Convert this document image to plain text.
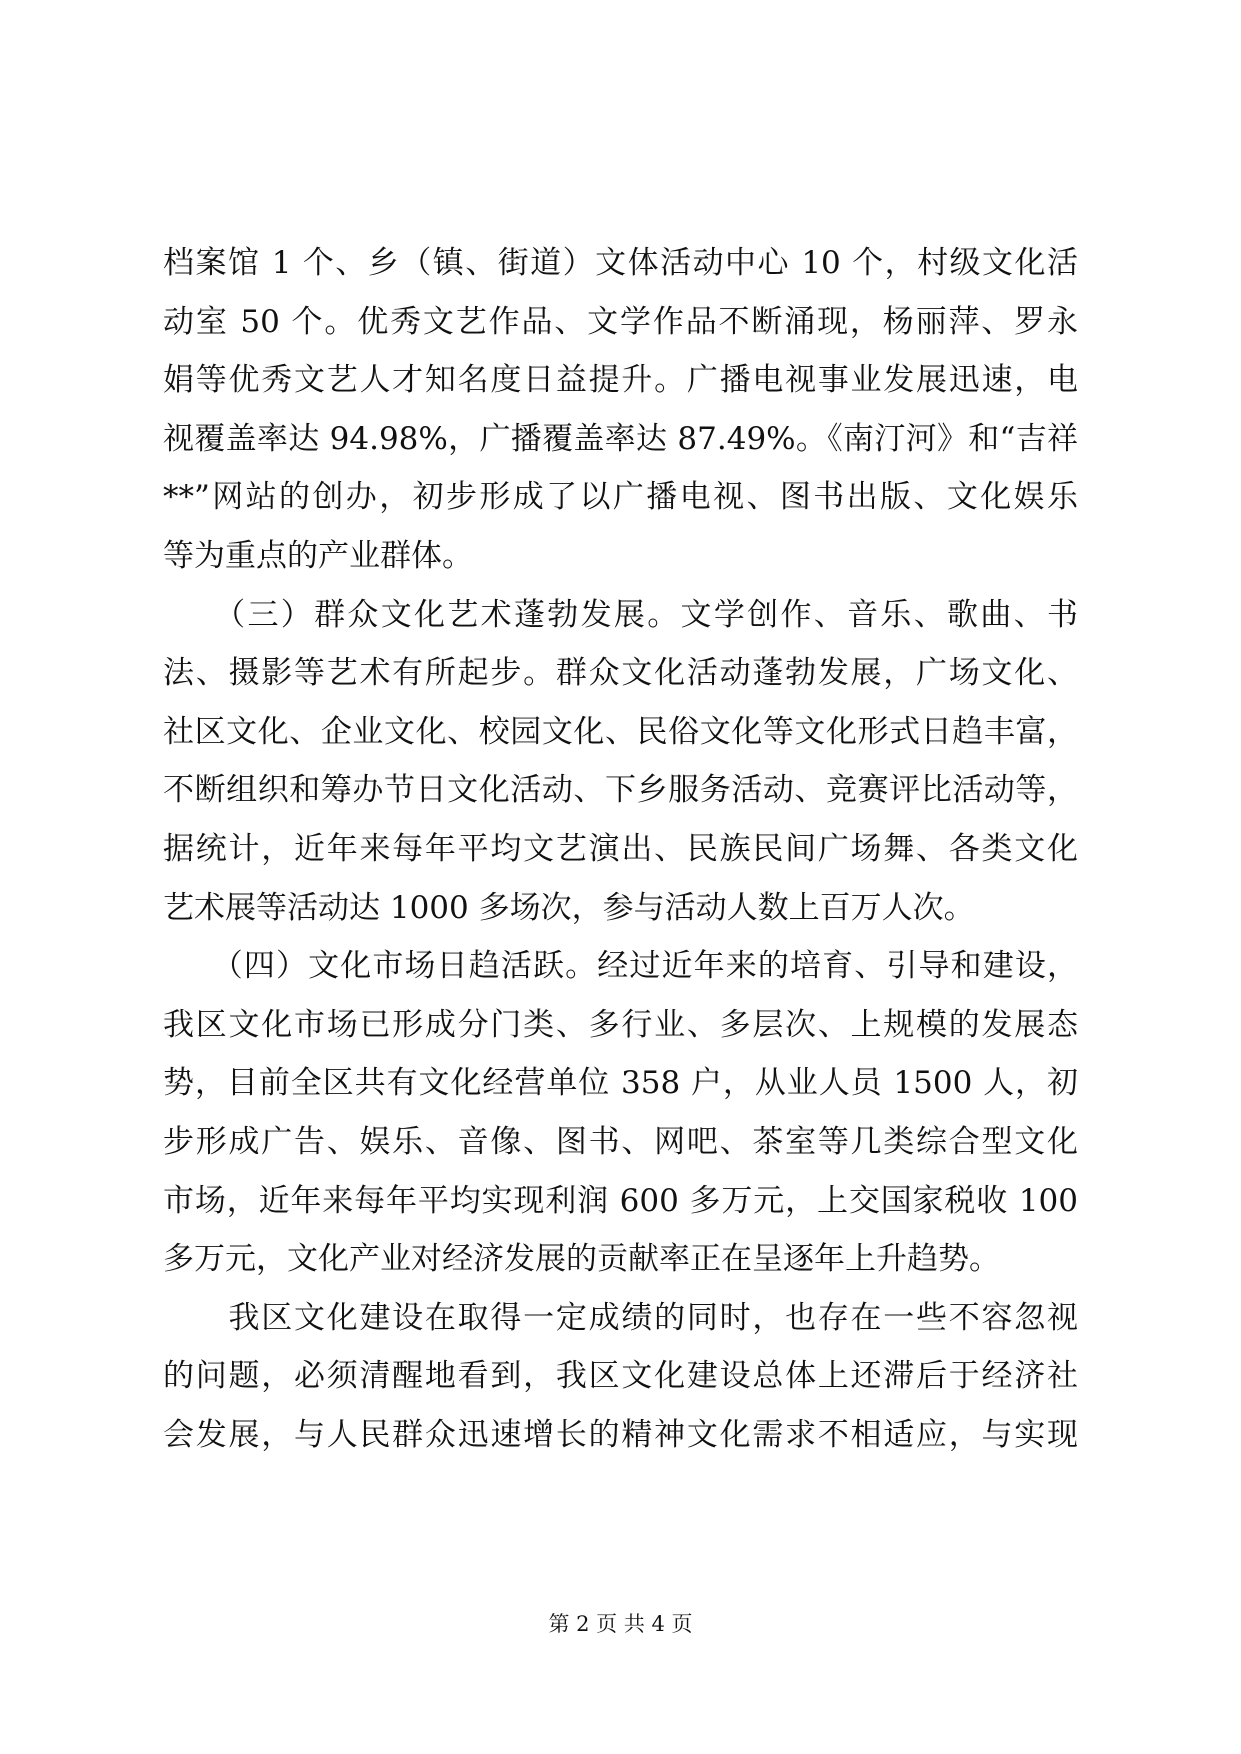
档案馆 1 个、乡（镇、街道）文体活动中心 10 个，村级文化活
动室 50 个。优秀文艺作品、文学作品不断涌现，杨丽萍、罗永
娟等优秀文艺人才知名度日益提升。广播电视事业发展迅速，电
视覆盖率达 94.98%，广播覆盖率达 87.49%。《南汀河》和“吉祥
**”网站的创办，初步形成了以广播电视、图书出版、文化娱乐
等为重点的产业群体。
　　（三）群众文化艺术蓬勃发展。文学创作、音乐、歌曲、书
法、摄影等艺术有所起步。群众文化活动蓬勃发展，广场文化、
社区文化、企业文化、校园文化、民俗文化等文化形式日趋丰富，
不断组织和筹办节日文化活动、下乡服务活动、竞赛评比活动等，
据统计，近年来每年平均文艺演出、民族民间广场舞、各类文化
艺术展等活动达 1000 多场次，参与活动人数上百万人次。
　　（四）文化市场日趋活跃。经过近年来的培育、引导和建设，
我区文化市场已形成分门类、多行业、多层次、上规模的发展态
势，目前全区共有文化经营单位 358 户，从业人员 1500 人，初
步形成广告、娱乐、音像、图书、网吧、茶室等几类综合型文化
市场，近年来每年平均实现利润 600 多万元，上交国家税收 100
多万元，文化产业对经济发展的贡献率正在呈逐年上升趋势。
　　我区文化建设在取得一定成绩的同时，也存在一些不容忽视
的问题，必须清醒地看到，我区文化建设总体上还滞后于经济社
会发展，与人民群众迅速增长的精神文化需求不相适应，与实现
第 2 页 共 4 页
